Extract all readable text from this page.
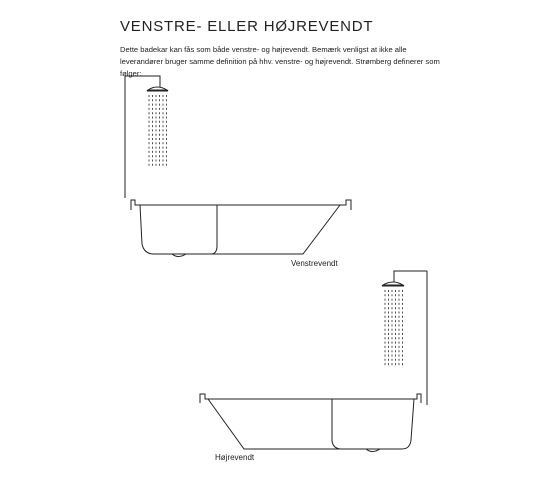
VENSTRE- ELLER HØJREVENDT

Dette badekar kan fås som både venstre- og højrevendt. Bemærk venligst at ikke alle leverandører bruger samme definition på hhv. venstre- og højrevendt. Strømberg definerer som følger:

Venstrevendt
Højrevendt
